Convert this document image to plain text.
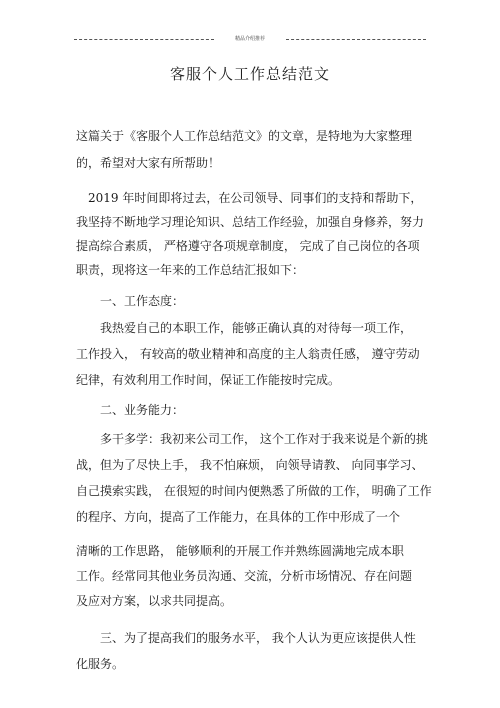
精品介绍推荐
客服个人工作总结范文
这篇关于《客服个人工作总结范文》的文章，是特地为大家整理
的，希望对大家有所帮助！
2019 年时间即将过去，在公司领导、同事们的支持和帮助下，
我坚持不断地学习理论知识、总结工作经验，加强自身修养，努力
提高综合素质， 严格遵守各项规章制度， 完成了自己岗位的各项
职责，现将这一年来的工作总结汇报如下：
一、工作态度：
我热爱自己的本职工作，能够正确认真的对待每一项工作，
工作投入， 有较高的敬业精神和高度的主人翁责任感， 遵守劳动
纪律，有效利用工作时间，保证工作能按时完成。
二、业务能力：
多干多学：我初来公司工作， 这个工作对于我来说是个新的挑
战，但为了尽快上手， 我不怕麻烦， 向领导请教、 向同事学习、
自己摸索实践， 在很短的时间内便熟悉了所做的工作， 明确了工作
的程序、方向，提高了工作能力，在具体的工作中形成了一个
清晰的工作思路， 能够顺利的开展工作并熟练圆满地完成本职
工作。经常同其他业务员沟通、交流，分析市场情况、存在问题
及应对方案，以求共同提高。
三、为了提高我们的服务水平， 我个人认为更应该提供人性
化服务。
